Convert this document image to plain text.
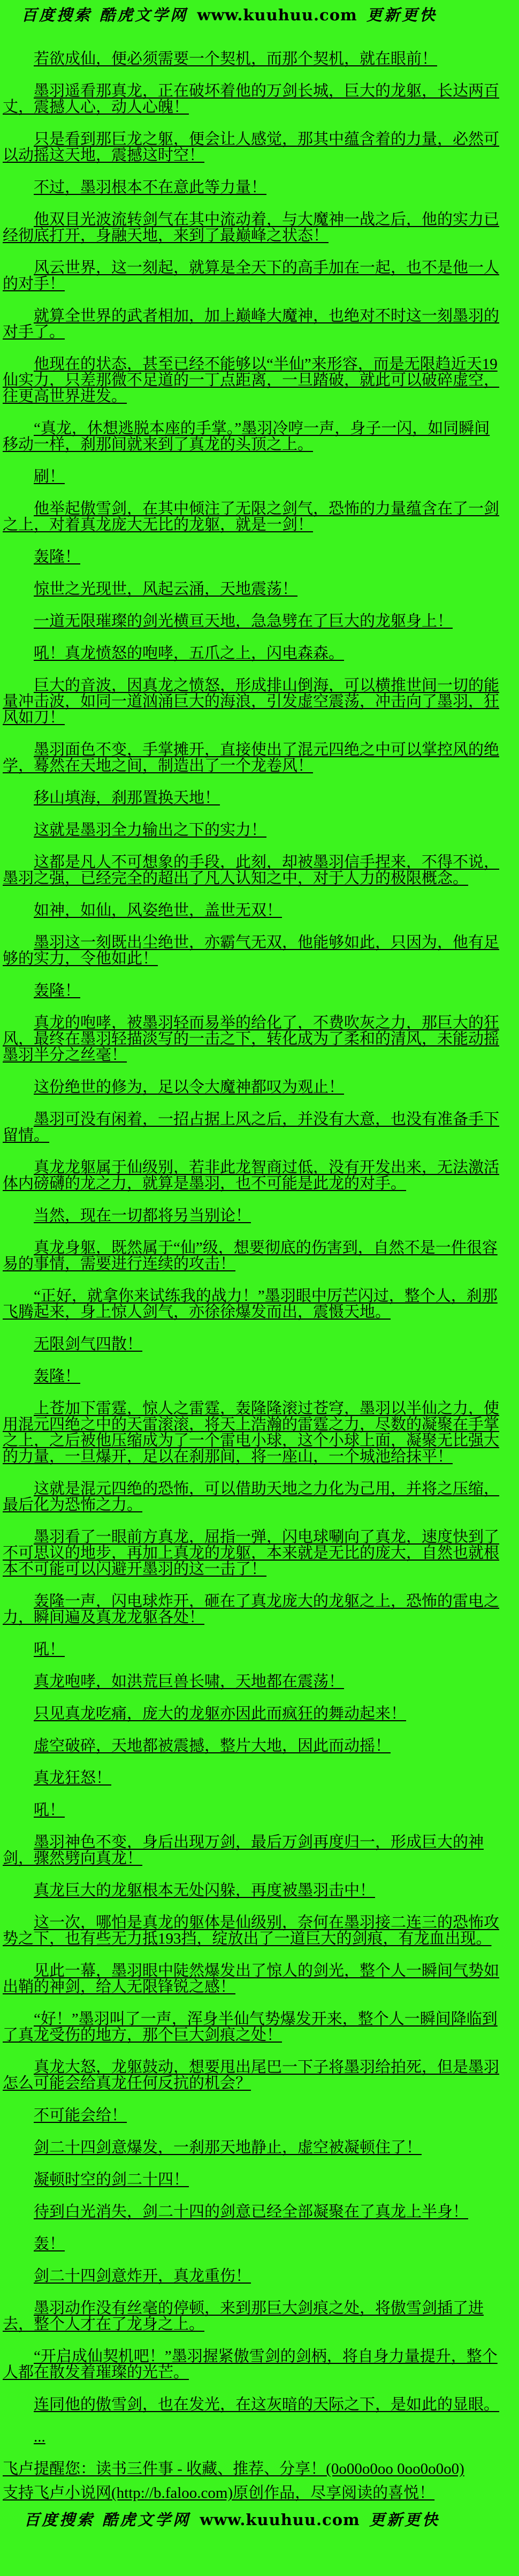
百度搜索 酷虎文学网 www.kuuhuu.com 更新更快

若欲成仙，便必须需要一个契机，而那个契机，就在眼前！

墨羽遥看那真龙，正在破坏着他的万剑长城，巨大的龙躯，长达两百丈，震撼人心，动人心魄！

只是看到那巨龙之躯，便会让人感觉，那其中蕴含着的力量，必然可以动摇这天地，震撼这时空！

不过，墨羽根本不在意此等力量！

他双目光波流转剑气在其中流动着，与大魔神一战之后，他的实力已经彻底打开，身融天地，来到了最巅峰之状态！

风云世界，这一刻起，就算是全天下的高手加在一起，也不是他一人的对手！

就算全世界的武者相加，加上巅峰大魔神，也绝对不时这一刻墨羽的对手了。

他现在的状态，甚至已经不能够以“半仙”来形容，而是无限趋近天19仙实力，只差那微不足道的一丁点距离，一旦踏破，就此可以破碎虚空，往更高世界进发。

“真龙，休想逃脱本座的手掌。”墨羽冷哼一声，身子一闪，如同瞬间移动一样，刹那间就来到了真龙的头顶之上。

刷！

他举起傲雪剑，在其中倾注了无限之剑气，恐怖的力量蕴含在了一剑之上，对着真龙庞大无比的龙躯，就是一剑！

轰隆！

惊世之光现世，风起云涌，天地震荡！

一道无限璀璨的剑光横亘天地，急急劈在了巨大的龙躯身上！

吼！真龙愤怒的咆哮，五爪之上，闪电森森。

巨大的音波，因真龙之愤怒，形成排山倒海，可以横推世间一切的能量冲击波，如同一道汹涌巨大的海浪，引发虚空震荡，冲击向了墨羽，狂风如刀！

墨羽面色不变，手掌摊开，直接使出了混元四绝之中可以掌控风的绝学，蓦然在天地之间，制造出了一个龙卷风！

移山填海，刹那置换天地！

这就是墨羽全力输出之下的实力！

这都是凡人不可想象的手段，此刻，却被墨羽信手捏来，不得不说，墨羽之强，已经完全的超出了凡人认知之中，对于人力的极限概念。

如神，如仙，风姿绝世，盖世无双！

墨羽这一刻既出尘绝世，亦霸气无双，他能够如此，只因为，他有足够的实力，令他如此！

轰隆！

真龙的咆哮，被墨羽轻而易举的给化了，不费吹灰之力，那巨大的狂风，最终在墨羽轻描淡写的一击之下，转化成为了柔和的清风，未能动摇墨羽半分之丝毫！

这份绝世的修为，足以令大魔神都叹为观止！

墨羽可没有闲着，一招占据上风之后，并没有大意，也没有准备手下留情。

真龙龙躯属于仙级别，若非此龙智商过低，没有开发出来，无法激活体内磅礴的龙之力，就算是墨羽，也不可能是此龙的对手。

当然，现在一切都将另当别论！

真龙身躯，既然属于“仙”级，想要彻底的伤害到，自然不是一件很容易的事情，需要进行连续的攻击！

“正好，就拿你来试练我的战力！”墨羽眼中厉芒闪过，整个人，刹那飞腾起来，身上惊人剑气，亦徐徐爆发而出，震慑天地。

无限剑气四散！

轰隆！

上苍加下雷霆，惊人之雷霆，轰隆隆滚过苍穹，墨羽以半仙之力，使用混元四绝之中的天雷滚滚，将天上浩瀚的雷霆之力，尽数的凝聚在手掌之上，之后被他压缩成为了一个雷电小球，这个小球上面，凝聚无比强大的力量，一旦爆开，足以在刹那间，将一座山，一个城池给抹平！

这就是混元四绝的恐怖，可以借助天地之力化为己用，并将之压缩，最后化为恐怖之力。

墨羽看了一眼前方真龙，屈指一弹，闪电球唰向了真龙，速度快到了不可思议的地步，再加上真龙的龙躯，本来就是无比的庞大，自然也就根本不可能可以闪避开墨羽的这一击了！

轰隆一声，闪电球炸开，砸在了真龙庞大的龙躯之上，恐怖的雷电之力，瞬间遍及真龙龙躯各处！

吼！

真龙咆哮，如洪荒巨兽长啸，天地都在震荡！

只见真龙吃痛，庞大的龙躯亦因此而疯狂的舞动起来！

虚空破碎，天地都被震撼，整片大地，因此而动摇！

真龙狂怒！

吼！

墨羽神色不变，身后出现万剑，最后万剑再度归一，形成巨大的神剑，骤然劈向真龙！

真龙巨大的龙躯根本无处闪躲，再度被墨羽击中！

这一次，哪怕是真龙的躯体是仙级别，奈何在墨羽接二连三的恐怖攻势之下，也有些无力抵193挡，绽放出了一道巨大的剑痕，有龙血出现。

见此一幕，墨羽眼中陡然爆发出了惊人的剑光，整个人一瞬间气势如出鞘的神剑，给人无限锋锐之感！

“好！”墨羽叫了一声，浑身半仙气势爆发开来，整个人一瞬间降临到了真龙受伤的地方，那个巨大剑痕之处！

真龙大怒，龙躯鼓动，想要甩出尾巴一下子将墨羽给拍死，但是墨羽怎么可能会给真龙任何反抗的机会？

不可能会给！

剑二十四剑意爆发，一刹那天地静止，虚空被凝顿住了！

凝顿时空的剑二十四！

待到白光消失，剑二十四的剑意已经全部凝聚在了真龙上半身！

轰！

剑二十四剑意炸开，真龙重伤！

墨羽动作没有丝毫的停顿，来到那巨大剑痕之处，将傲雪剑插了进去，整个人才在了龙身之上。

“开启成仙契机吧！”墨羽握紧傲雪剑的剑柄，将自身力量提升，整个人都在散发着璀璨的光芒。

连同他的傲雪剑，也在发光，在这灰暗的天际之下，是如此的显眼。

...

飞卢提醒您：读书三件事 - 收藏、推荐、分享！(0o00o0oo 0oo0o0o0)

支持飞卢小说网(http://b.faloo.com)原创作品，尽享阅读的喜悦！

百度搜索 酷虎文学网 www.kuuhuu.com 更新更快
